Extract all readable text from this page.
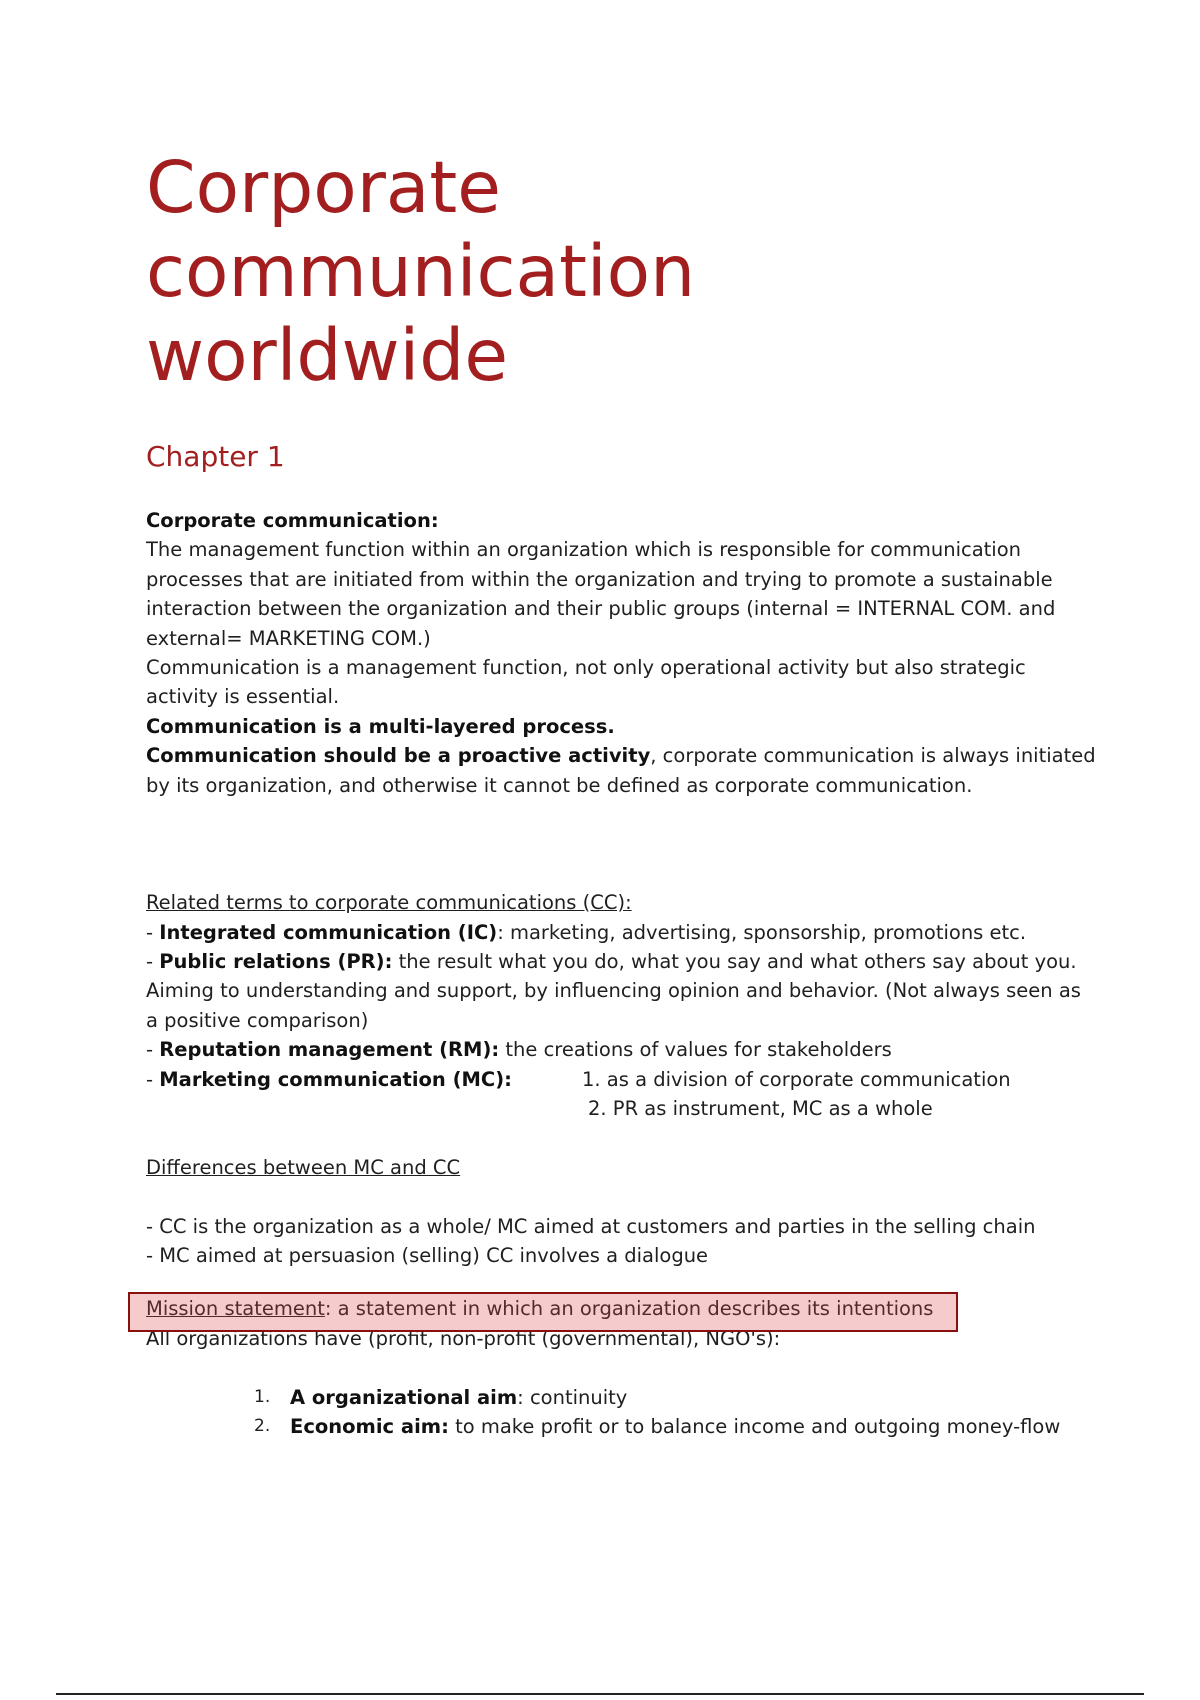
Corporate
communication
worldwide
Chapter 1

Corporate communication:

The management function within an organization which is responsible for communication processes that are initiated from within the organization and trying to promote a sustainable interaction between the organization and their public groups (internal = INTERNAL COM. and external= MARKETING COM.)

Communication is a management function, not only operational activity but also strategic activity is essential.

Communication is a multi-layered process.

Communication should be a proactive activity, corporate communication is always initiated by its organization, and otherwise it cannot be defined as corporate communication.

Related terms to corporate communications (CC):

- Integrated communication (IC): marketing, advertising, sponsorship, promotions etc.

- Public relations (PR): the result what you do, what you say and what others say about you. Aiming to understanding and support, by influencing opinion and behavior. (Not always seen as a positive comparison)

- Reputation management (RM): the creations of values for stakeholders

- Marketing communication (MC):	1. as a division of corporate communication
2. PR as instrument, MC as a whole

Differences between MC and CC

- CC is the organization as a whole/ MC aimed at customers and parties in the selling chain

- MC aimed at persuasion (selling) CC involves a dialogue

Mission statement: a statement in which an organization describes its intentions

All organizations have (profit, non-profit (governmental), NGO's):

1. A organizational aim: continuity
2. Economic aim: to make profit or to balance income and outgoing money-flow
